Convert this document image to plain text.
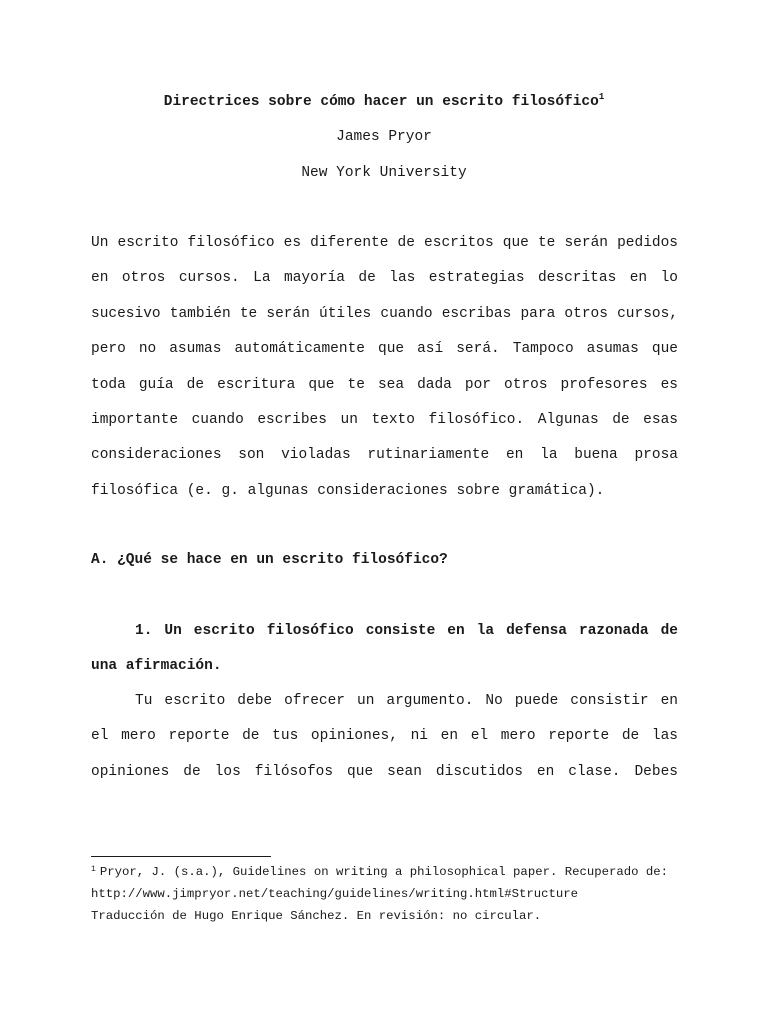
Directrices sobre cómo hacer un escrito filosófico$^1$
James Pryor
New York University
Un escrito filosófico es diferente de escritos que te serán pedidos
en otros cursos. La mayoría de las estrategias descritas en lo
sucesivo también te serán útiles cuando escribas para otros cursos,
pero no asumas automáticamente que así será. Tampoco asumas que
toda guía de escritura que te sea dada por otros profesores es
importante cuando escribes un texto filosófico. Algunas de esas
consideraciones son violadas rutinariamente en la buena prosa
filosófica (e. g. algunas consideraciones sobre gramática).
A. ¿Qué se hace en un escrito filosófico?
1. Un escrito filosófico consiste en la defensa razonada de
una afirmación.
Tu escrito debe ofrecer un argumento. No puede consistir en
el mero reporte de tus opiniones, ni en el mero reporte de las
opiniones de los filósofos que sean discutidos en clase. Debes
$^1$ Pryor, J. (s.a.), Guidelines on writing a philosophical paper. Recuperado de:
http://www.jimpryor.net/teaching/guidelines/writing.html#Structure
Traducción de Hugo Enrique Sánchez. En revisión: no circular.
